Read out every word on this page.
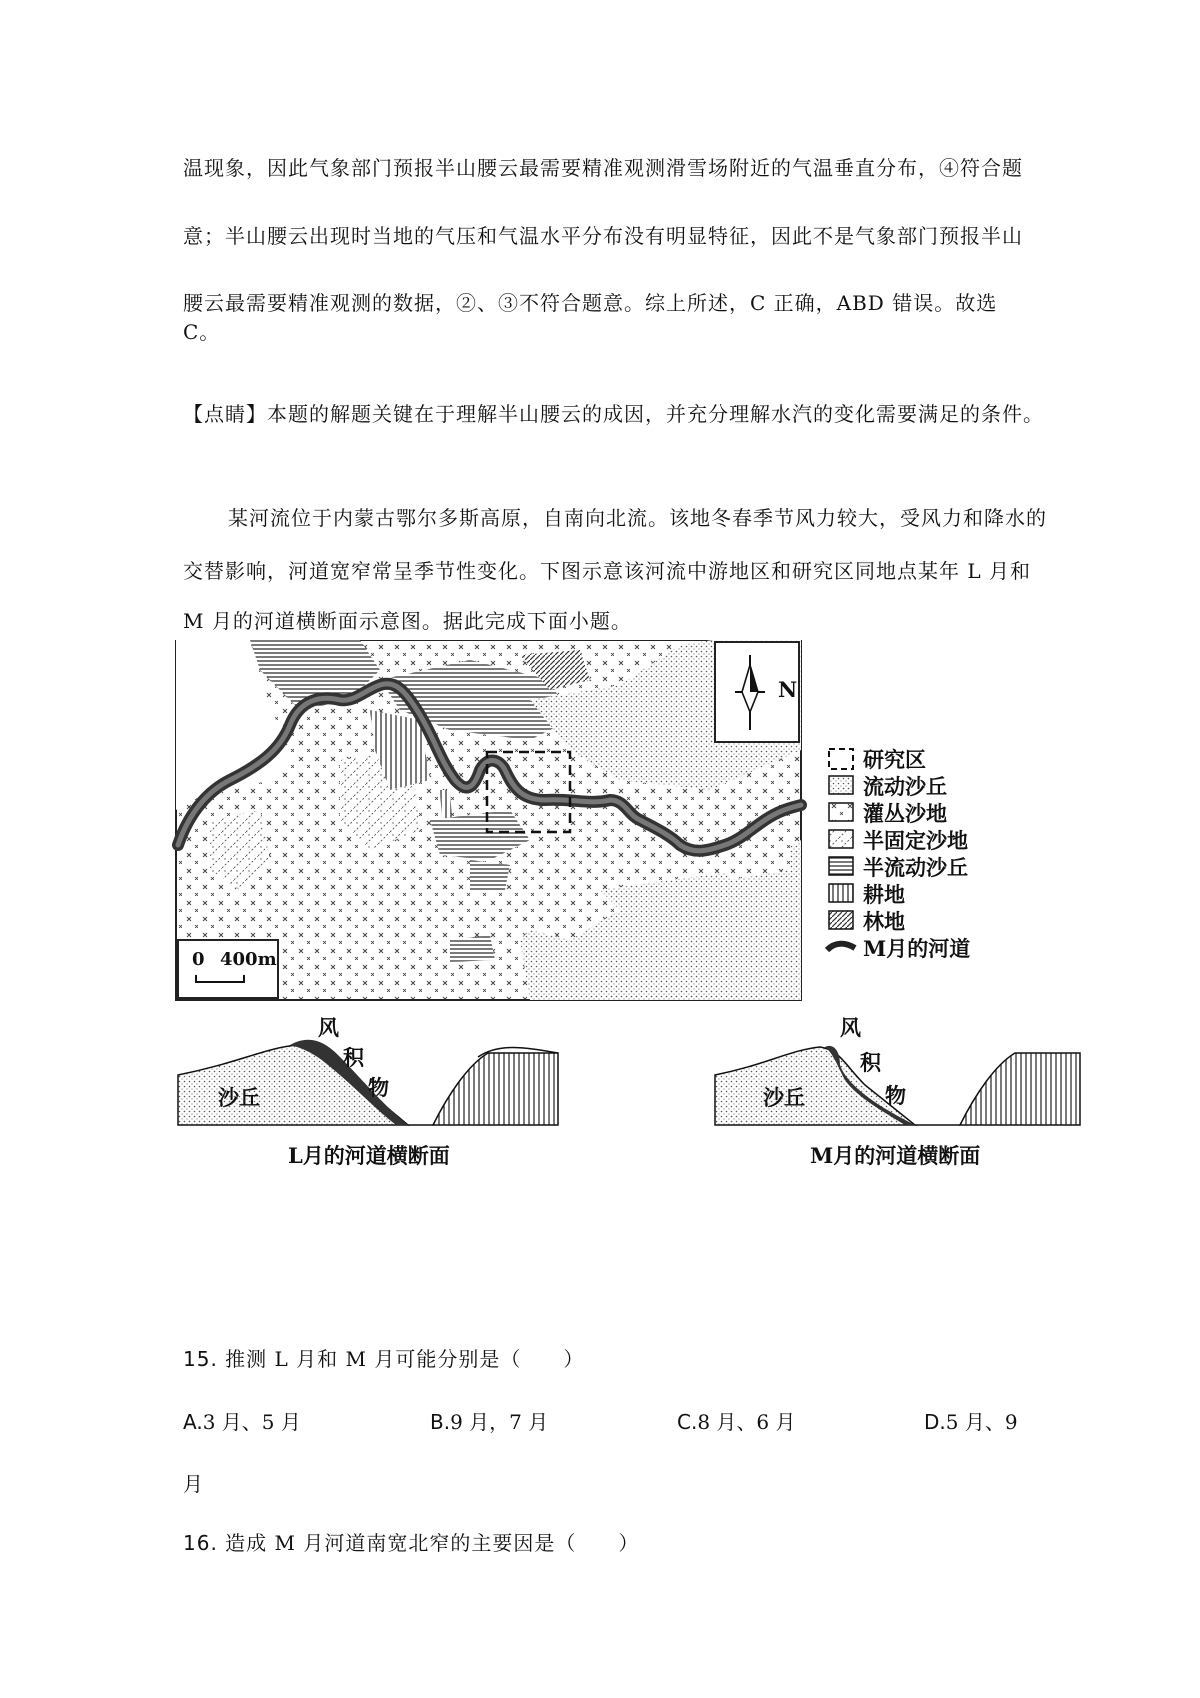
温现象，因此气象部门预报半山腰云最需要精准观测滑雪场附近的气温垂直分布，④符合题
意；半山腰云出现时当地的气压和气温水平分布没有明显特征，因此不是气象部门预报半山
腰云最需要精准观测的数据，②、③不符合题意。综上所述，C 正确，ABD 错误。故选 C。
【点睛】本题的解题关键在于理解半山腰云的成因，并充分理解水汽的变化需要满足的条件。
某河流位于内蒙古鄂尔多斯高原，自南向北流。该地冬春季节风力较大，受风力和降水的
交替影响，河道宽窄常呈季节性变化。下图示意该河流中游地区和研究区同地点某年 L 月和
M 月的河道横断面示意图。据此完成下面小题。
N
0 400m
研究区
流动沙丘
灌丛沙地
半固定沙地
半流动沙丘
耕地
林地
M月的河道
沙丘
风
积
物
L月的河道横断面
沙丘
风
积
物
M月的河道横断面
15. 推测 L 月和 M 月可能分别是（　　）
A.3 月、5 月	B.9 月，7 月	C.8 月、6 月	D.5 月、9
月
16. 造成 M 月河道南宽北窄的主要因是（　　）
